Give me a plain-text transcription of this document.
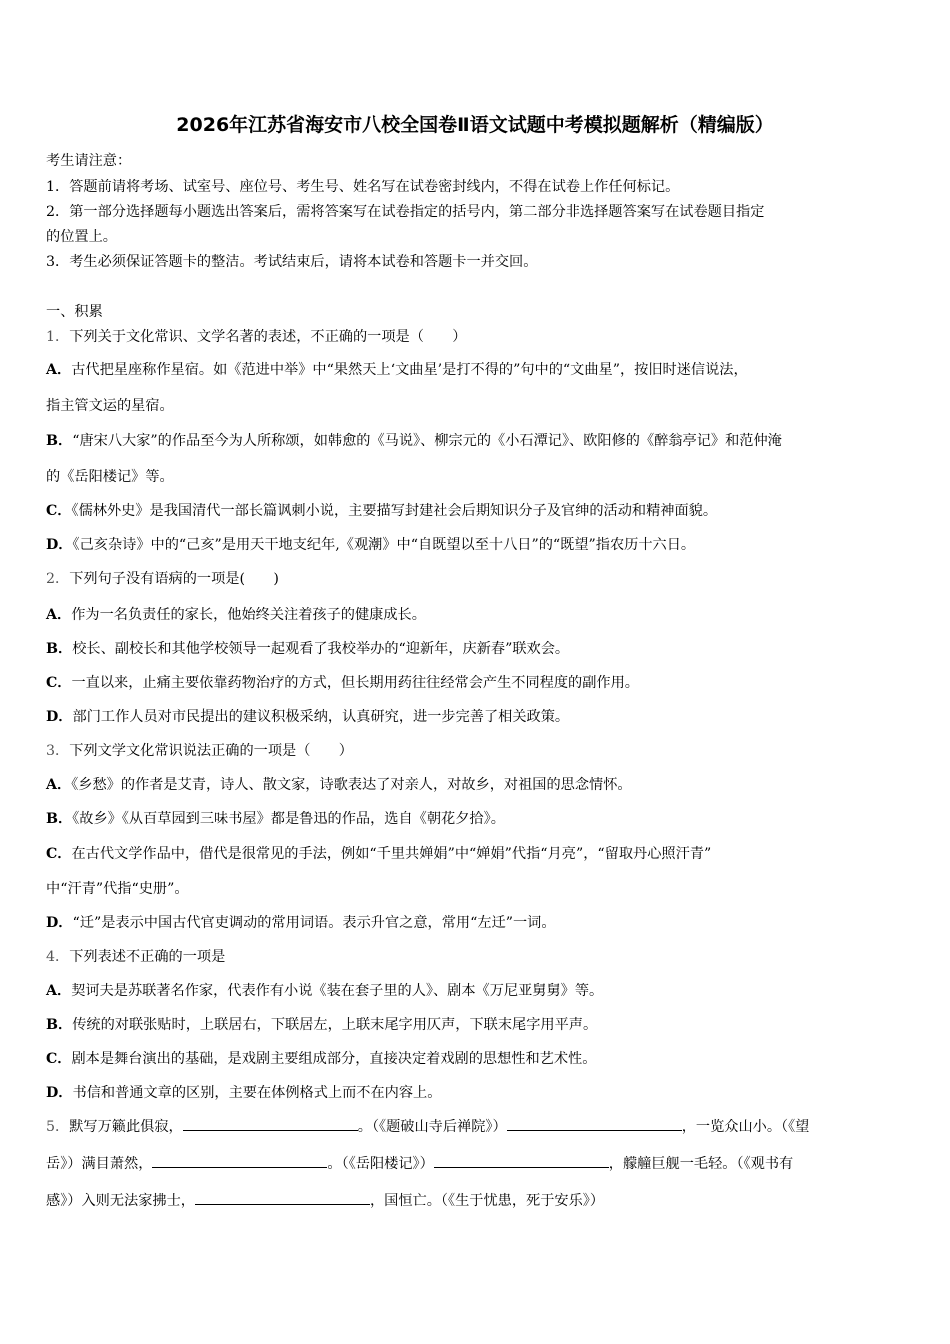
2026年江苏省海安市八校全国卷Ⅱ语文试题中考模拟题解析（精编版）
考生请注意：
1．答题前请将考场、试室号、座位号、考生号、姓名写在试卷密封线内，不得在试卷上作任何标记。
2．第一部分选择题每小题选出答案后，需将答案写在试卷指定的括号内，第二部分非选择题答案写在试卷题目指定
的位置上。
3．考生必须保证答题卡的整洁。考试结束后，请将本试卷和答题卡一并交回。
一、积累
1．下列关于文化常识、文学名著的表述，不正确的一项是（　　）
A．古代把星座称作星宿。如《范进中举》中“果然天上‘文曲星’是打不得的”句中的“文曲星”，按旧时迷信说法，
指主管文运的星宿。
B．“唐宋八大家”的作品至今为人所称颂，如韩愈的《马说》、柳宗元的《小石潭记》、欧阳修的《醉翁亭记》和范仲淹
的《岳阳楼记》等。
C．《儒林外史》是我国清代一部长篇讽刺小说，主要描写封建社会后期知识分子及官绅的活动和精神面貌。
D．《己亥杂诗》中的“己亥”是用天干地支纪年,《观潮》中“自既望以至十八日”的“既望”指农历十六日。
2．下列句子没有语病的一项是(　　)
A．作为一名负责任的家长，他始终关注着孩子的健康成长。
B．校长、副校长和其他学校领导一起观看了我校举办的“迎新年，庆新春”联欢会。
C．一直以来，止痛主要依靠药物治疗的方式，但长期用药往往经常会产生不同程度的副作用。
D．部门工作人员对市民提出的建议积极采纳，认真研究，进一步完善了相关政策。
3．下列文学文化常识说法正确的一项是（　　）
A．《乡愁》的作者是艾青，诗人、散文家，诗歌表达了对亲人，对故乡，对祖国的思念情怀。
B．《故乡》《从百草园到三味书屋》都是鲁迅的作品，选自《朝花夕拾》。
C．在古代文学作品中，借代是很常见的手法，例如“千里共婵娟”中“婵娟”代指“月亮”，“留取丹心照汗青”
中“汗青”代指“史册”。
D．“迁”是表示中国古代官吏调动的常用词语。表示升官之意，常用“左迁”一词。
4．下列表述不正确的一项是
A．契诃夫是苏联著名作家，代表作有小说《装在套子里的人》、剧本《万尼亚舅舅》等。
B．传统的对联张贴时，上联居右，下联居左，上联末尾字用仄声，下联末尾字用平声。
C．剧本是舞台演出的基础，是戏剧主要组成部分，直接决定着戏剧的思想性和艺术性。
D．书信和普通文章的区别，主要在体例格式上而不在内容上。
5．默写万籁此俱寂，	。（《题破山寺后禅院》）	，一览众山小。（《望
岳》）满目萧然，	。（《岳阳楼记》）	，艨艟巨舰一毛轻。（《观书有
感》）入则无法家拂士，	，国恒亡。（《生于忧患，死于安乐》）
